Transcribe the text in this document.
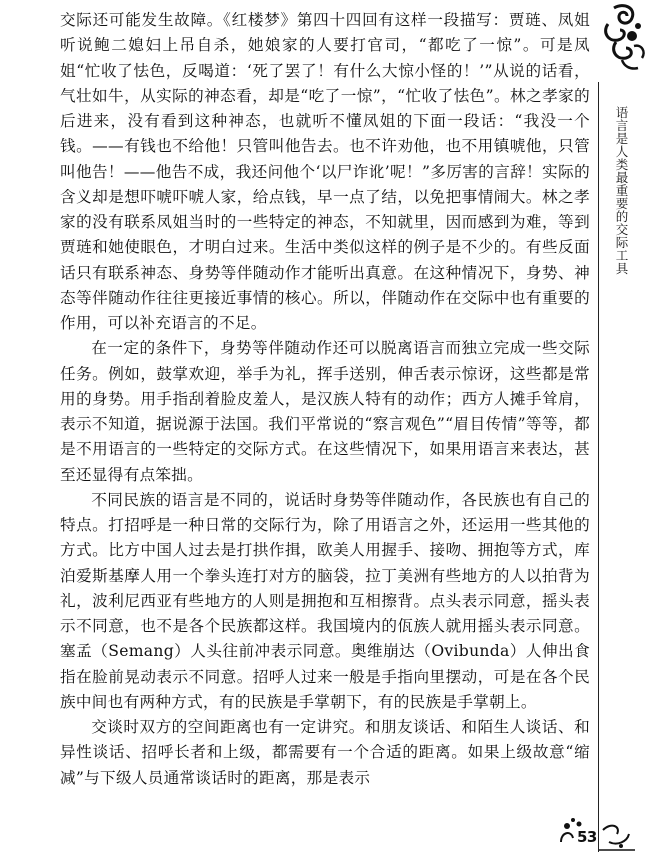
交际还可能发生故障。《红楼梦》第四十四回有这样一段描写：贾琏、凤姐听说鲍二媳妇上吊自杀，她娘家的人要打官司，“都吃了一惊”。可是凤姐“忙收了怯色，反喝道：‘死了罢了！有什么大惊小怪的！’”从说的话看，气壮如牛，从实际的神态看，却是“吃了一惊”，“忙收了怯色”。林之孝家的后进来，没有看到这种神态，也就听不懂凤姐的下面一段话：“我没一个钱。——有钱也不给他！只管叫他告去。也不许劝他，也不用镇唬他，只管叫他告！——他告不成，我还问他个‘以尸诈讹’呢！”多厉害的言辞！实际的含义却是想吓唬吓唬人家，给点钱，早一点了结，以免把事情闹大。林之孝家的没有联系凤姐当时的一些特定的神态，不知就里，因而感到为难，等到贾琏和她使眼色，才明白过来。生活中类似这样的例子是不少的。有些反面话只有联系神态、身势等伴随动作才能听出真意。在这种情况下，身势、神态等伴随动作往往更接近事情的核心。所以，伴随动作在交际中也有重要的作用，可以补充语言的不足。

在一定的条件下，身势等伴随动作还可以脱离语言而独立完成一些交际任务。例如，鼓掌欢迎，举手为礼，挥手送别，伸舌表示惊讶，这些都是常用的身势。用手指刮着脸皮羞人，是汉族人特有的动作；西方人摊手耸肩，表示不知道，据说源于法国。我们平常说的“察言观色”“眉目传情”等等，都是不用语言的一些特定的交际方式。在这些情况下，如果用语言来表达，甚至还显得有点笨拙。

不同民族的语言是不同的，说话时身势等伴随动作，各民族也有自己的特点。打招呼是一种日常的交际行为，除了用语言之外，还运用一些其他的方式。比方中国人过去是打拱作揖，欧美人用握手、接吻、拥抱等方式，库泊爱斯基摩人用一个拳头连打对方的脑袋，拉丁美洲有些地方的人以拍背为礼，波利尼西亚有些地方的人则是拥抱和互相擦背。点头表示同意，摇头表示不同意，也不是各个民族都这样。我国境内的佤族人就用摇头表示同意。塞孟（Semang）人头往前冲表示同意。奥维崩达（Ovibunda）人伸出食指在脸前晃动表示不同意。招呼人过来一般是手指向里摆动，可是在各个民族中间也有两种方式，有的民族是手掌朝下，有的民族是手掌朝上。

交谈时双方的空间距离也有一定讲究。和朋友谈话、和陌生人谈话、和异性谈话、招呼长者和上级，都需要有一个合适的距离。如果上级故意“缩减”与下级人员通常谈话时的距离，那是表示

语言是人类最重要的交际工具
53
